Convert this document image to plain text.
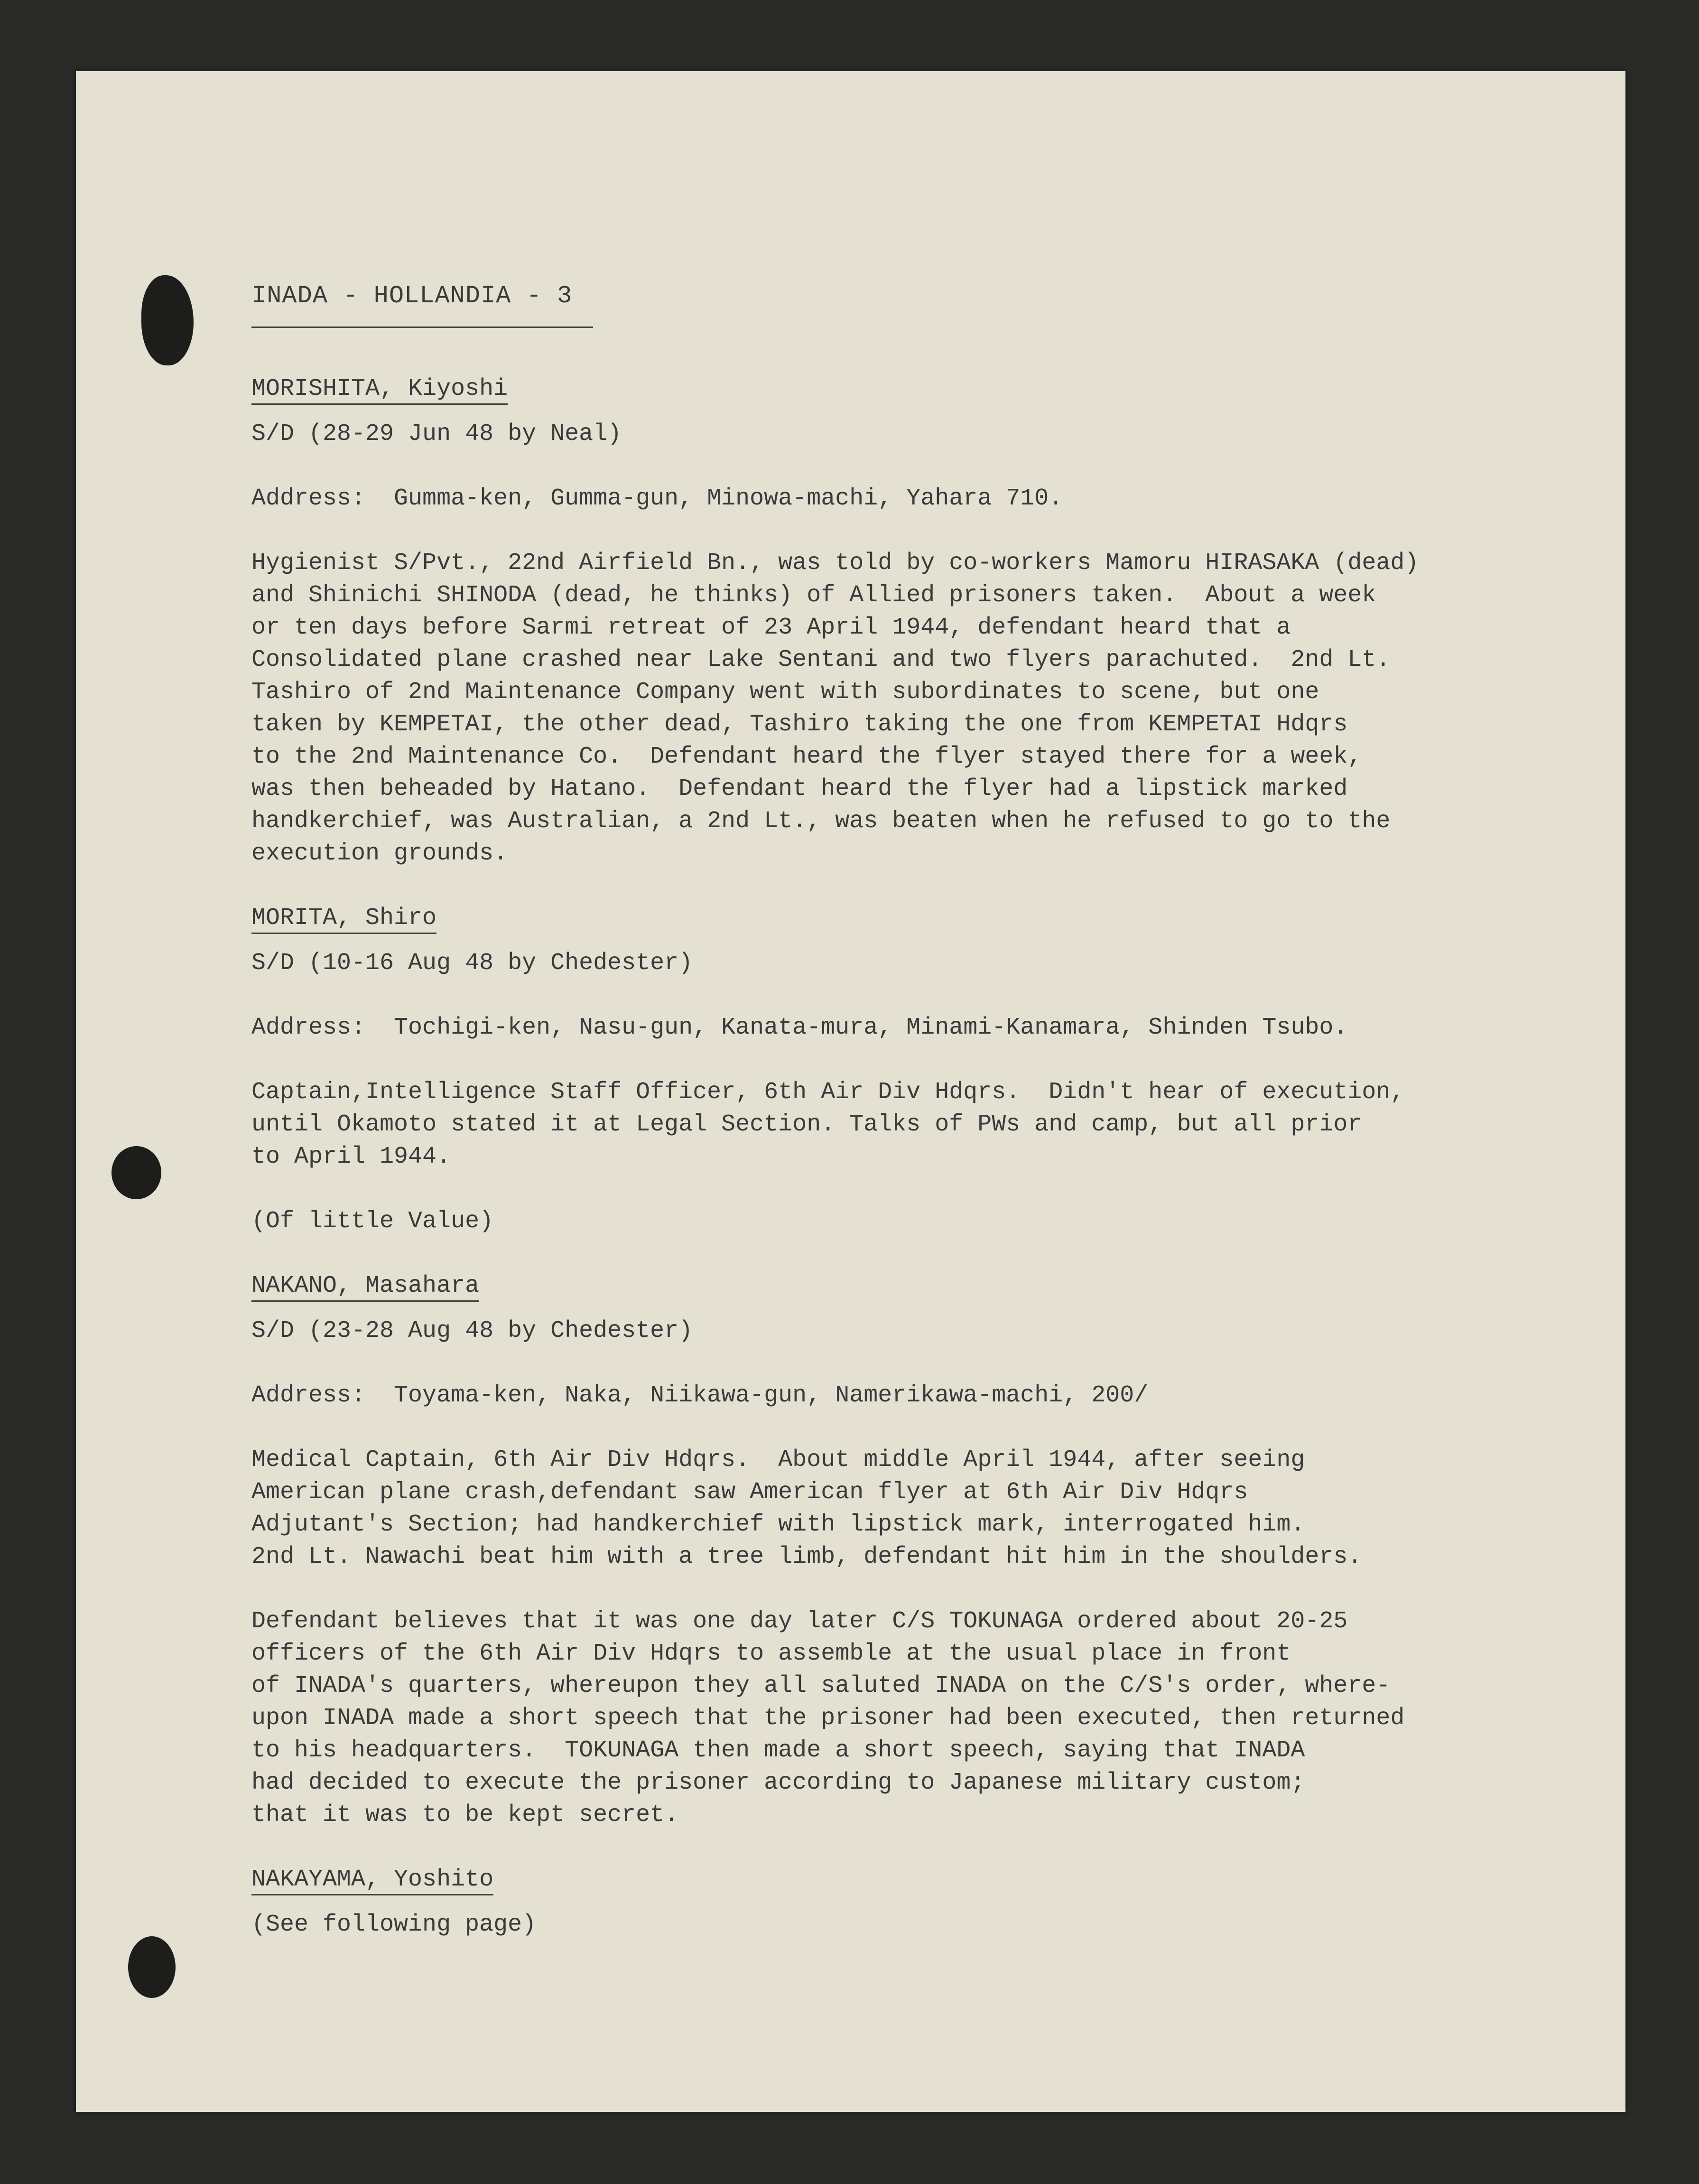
INADA - HOLLANDIA - 3
MORISHITA, Kiyoshi
S/D (28-29 Jun 48 by Neal)
Address:  Gumma-ken, Gumma-gun, Minowa-machi, Yahara 710.
Hygienist S/Pvt., 22nd Airfield Bn., was told by co-workers Mamoru HIRASAKA (dead)
and Shinichi SHINODA (dead, he thinks) of Allied prisoners taken.  About a week
or ten days before Sarmi retreat of 23 April 1944, defendant heard that a
Consolidated plane crashed near Lake Sentani and two flyers parachuted.  2nd Lt.
Tashiro of 2nd Maintenance Company went with subordinates to scene, but one
taken by KEMPETAI, the other dead, Tashiro taking the one from KEMPETAI Hdqrs
to the 2nd Maintenance Co.  Defendant heard the flyer stayed there for a week,
was then beheaded by Hatano.  Defendant heard the flyer had a lipstick marked
handkerchief, was Australian, a 2nd Lt., was beaten when he refused to go to the
execution grounds.
MORITA, Shiro
S/D (10-16 Aug 48 by Chedester)
Address:  Tochigi-ken, Nasu-gun, Kanata-mura, Minami-Kanamara, Shinden Tsubo.
Captain,Intelligence Staff Officer, 6th Air Div Hdqrs.  Didn't hear of execution,
until Okamoto stated it at Legal Section. Talks of PWs and camp, but all prior
to April 1944.
(Of little Value)
NAKANO, Masahara
S/D (23-28 Aug 48 by Chedester)
Address:  Toyama-ken, Naka, Niikawa-gun, Namerikawa-machi, 200/
Medical Captain, 6th Air Div Hdqrs.  About middle April 1944, after seeing
American plane crash,defendant saw American flyer at 6th Air Div Hdqrs
Adjutant's Section; had handkerchief with lipstick mark, interrogated him.
2nd Lt. Nawachi beat him with a tree limb, defendant hit him in the shoulders.
Defendant believes that it was one day later C/S TOKUNAGA ordered about 20-25
officers of the 6th Air Div Hdqrs to assemble at the usual place in front
of INADA's quarters, whereupon they all saluted INADA on the C/S's order, where-
upon INADA made a short speech that the prisoner had been executed, then returned
to his headquarters.  TOKUNAGA then made a short speech, saying that INADA
had decided to execute the prisoner according to Japanese military custom;
that it was to be kept secret.
NAKAYAMA, Yoshito
(See following page)
